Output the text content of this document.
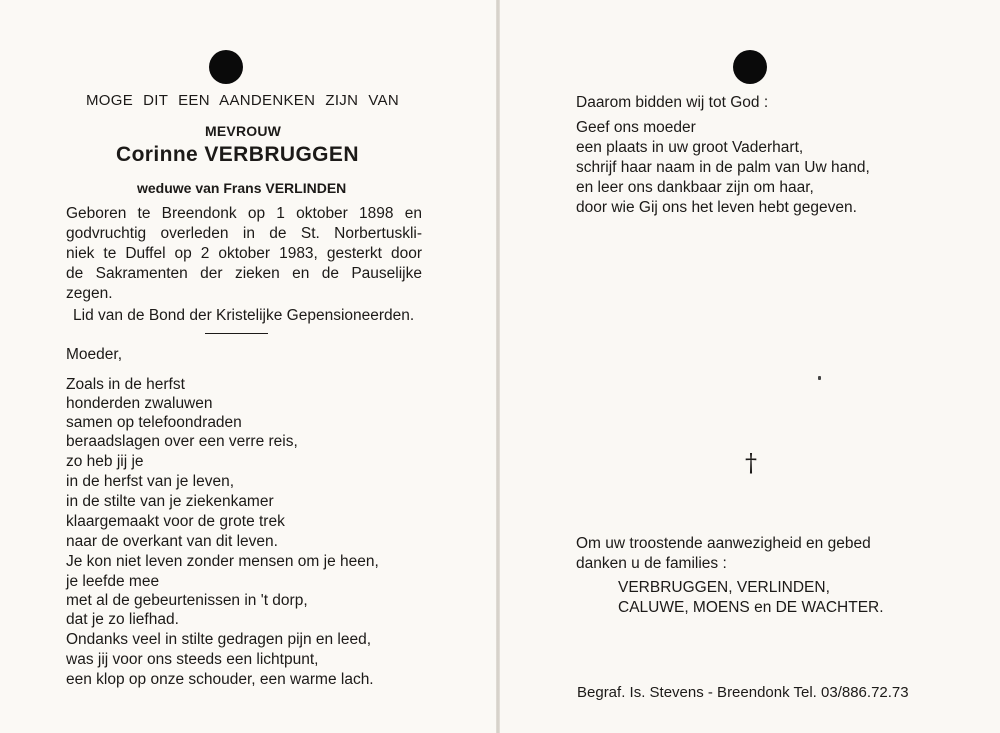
MOGE DIT EEN AANDENKEN ZIJN VAN
MEVROUW
Corinne VERBRUGGEN
weduwe van Frans VERLINDEN
Geboren te Breendonk op 1 oktober 1898 en
godvruchtig overleden in de St. Norbertuskli-
niek te Duffel op 2 oktober 1983, gesterkt door
de Sakramenten der zieken en de Pauselijke
zegen.
Lid van de Bond der Kristelijke Gepensioneerden.
Moeder,
Zoals in de herfst
honderden zwaluwen
samen op telefoondraden
beraadslagen over een verre reis,
zo heb jij je
in de herfst van je leven,
in de stilte van je ziekenkamer
klaargemaakt voor de grote trek
naar de overkant van dit leven.
Je kon niet leven zonder mensen om je heen,
je leefde mee
met al de gebeurtenissen in 't dorp,
dat je zo liefhad.
Ondanks veel in stilte gedragen pijn en leed,
was jij voor ons steeds een lichtpunt,
een klop op onze schouder, een warme lach.
Daarom bidden wij tot God :
Geef ons moeder
een plaats in uw groot Vaderhart,
schrijf haar naam in de palm van Uw hand,
en leer ons dankbaar zijn om haar,
door wie Gij ons het leven hebt gegeven.
†
Om uw troostende aanwezigheid en gebed
danken u de families :
VERBRUGGEN, VERLINDEN,
CALUWE, MOENS en DE WACHTER.
Begraf. Is. Stevens - Breendonk Tel. 03/886.72.73
